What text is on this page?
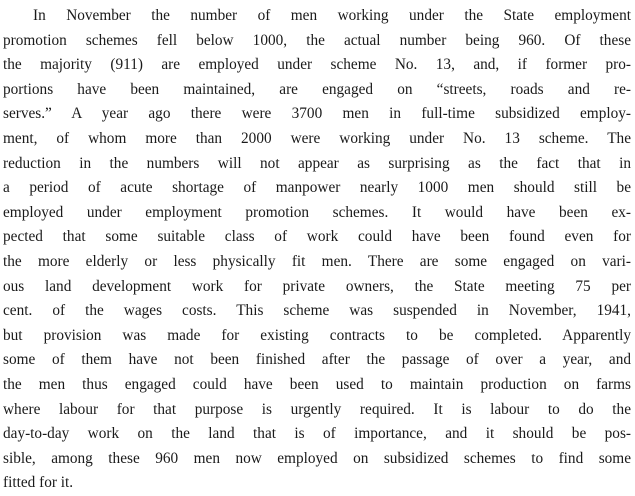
In November the number of men working under the State employment
promotion schemes fell below 1000, the actual number being 960. Of these
the majority (911) are employed under scheme No. 13, and, if former pro-
portions have been maintained, are engaged on “streets, roads and re-
serves.” A year ago there were 3700 men in full-time subsidized employ-
ment, of whom more than 2000 were working under No. 13 scheme. The
reduction in the numbers will not appear as surprising as the fact that in
a period of acute shortage of manpower nearly 1000 men should still be
employed under employment promotion schemes. It would have been ex-
pected that some suitable class of work could have been found even for
the more elderly or less physically fit men. There are some engaged on vari-
ous land development work for private owners, the State meeting 75 per
cent. of the wages costs. This scheme was suspended in November, 1941,
but provision was made for existing contracts to be completed. Apparently
some of them have not been finished after the passage of over a year, and
the men thus engaged could have been used to maintain production on farms
where labour for that purpose is urgently required. It is labour to do the
day-to-day work on the land that is of importance, and it should be pos-
sible, among these 960 men now employed on subsidized schemes to find some
fitted for it.
